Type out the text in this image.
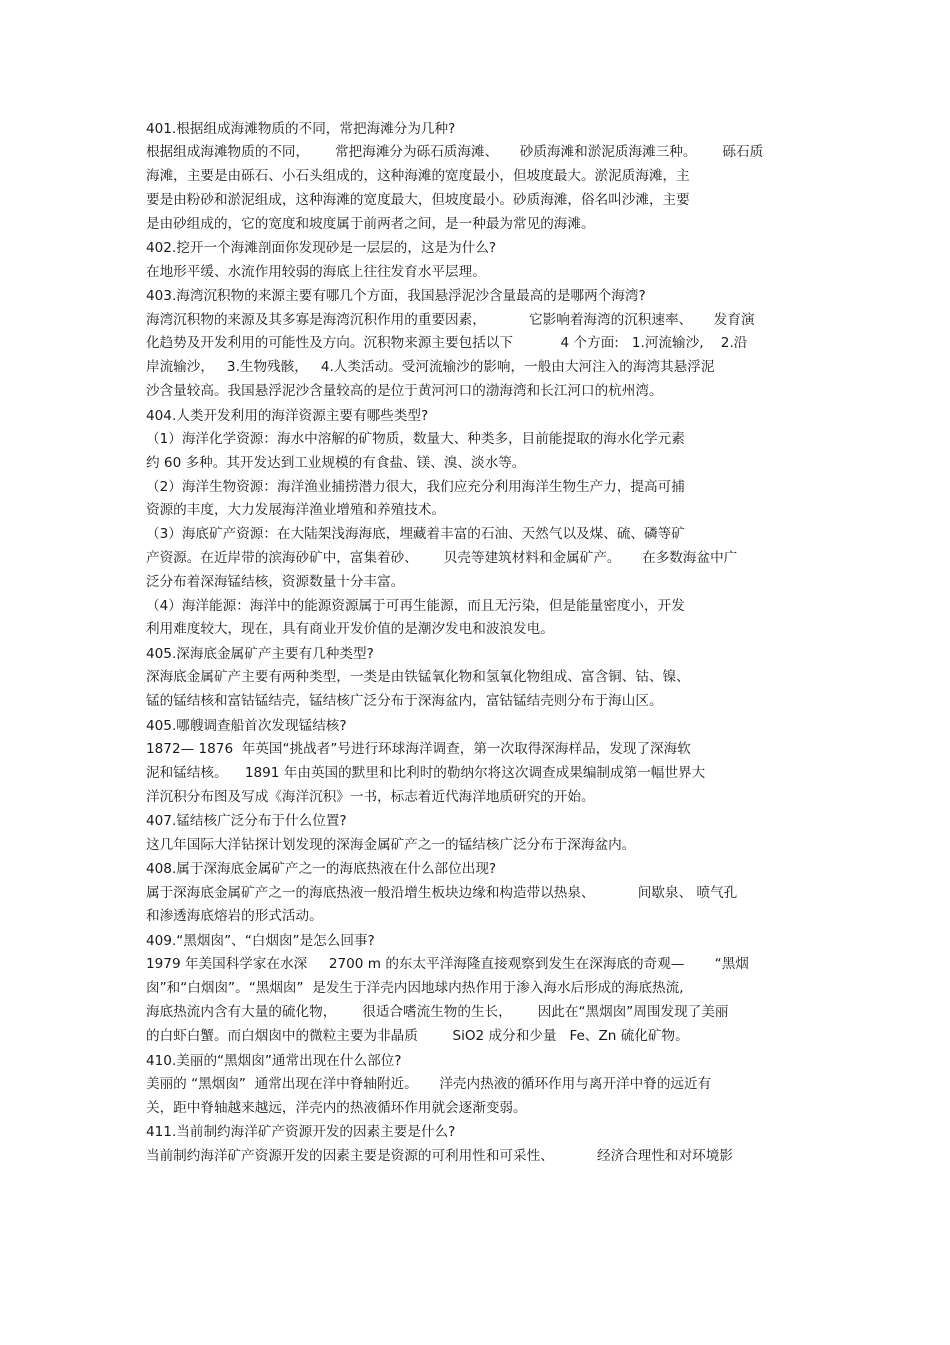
401.根据组成海滩物质的不同，常把海滩分为几种?
根据组成海滩物质的不同，      常把海滩分为砾石质海滩、     砂质海滩和淤泥质海滩三种。      砾石质
海滩，主要是由砾石、小石头组成的，这种海滩的宽度最小，但坡度最大。淤泥质海滩，主
要是由粉砂和淤泥组成，这种海滩的宽度最大，但坡度最小。砂质海滩，俗名叫沙滩，主要
是由砂组成的，它的宽度和坡度属于前两者之间，是一种最为常见的海滩。
402.挖开一个海滩剖面你发现砂是一层层的，这是为什么?
在地形平缓、水流作用较弱的海底上往往发育水平层理。
403.海湾沉积物的来源主要有哪几个方面，我国悬浮泥沙含量最高的是哪两个海湾?
海湾沉积物的来源及其多寡是海湾沉积作用的重要因素，          它影响着海湾的沉积速率、     发育演
化趋势及开发利用的可能性及方向。沉积物来源主要包括以下           4 个方面:   1.河流输沙,    2.沿
岸流输沙，   3.生物残骸，   4.人类活动。受河流输沙的影响，一般由大河注入的海湾其悬浮泥
沙含量较高。我国悬浮泥沙含量较高的是位于黄河河口的渤海湾和长江河口的杭州湾。
404.人类开发利用的海洋资源主要有哪些类型?
（1）海洋化学资源：海水中溶解的矿物质，数量大、种类多，目前能提取的海水化学元素
约 60 多种。其开发达到工业规模的有食盐、镁、溴、淡水等。
（2）海洋生物资源：海洋渔业捕捞潜力很大，我们应充分利用海洋生物生产力，提高可捕
资源的丰度，大力发展海洋渔业增殖和养殖技术。
（3）海底矿产资源：在大陆架浅海海底，埋藏着丰富的石油、天然气以及煤、硫、磷等矿
产资源。在近岸带的滨海砂矿中，富集着砂、      贝壳等建筑材料和金属矿产。     在多数海盆中广
泛分布着深海锰结核，资源数量十分丰富。
（4）海洋能源：海洋中的能源资源属于可再生能源，而且无污染，但是能量密度小，开发
利用难度较大，现在，具有商业开发价值的是潮汐发电和波浪发电。
405.深海底金属矿产主要有几种类型?
深海底金属矿产主要有两种类型，一类是由铁锰氧化物和氢氧化物组成、富含铜、钴、镍、
锰的锰结核和富钴锰结壳，锰结核广泛分布于深海盆内，富钴锰结壳则分布于海山区。
405.哪艘调查船首次发现锰结核?
1872— 1876  年英国“挑战者”号进行环球海洋调查，第一次取得深海样品，发现了深海软
泥和锰结核。    1891 年由英国的默里和比利时的勒纳尔将这次调查成果编制成第一幅世界大
洋沉积分布图及写成《海洋沉积》一书，标志着近代海洋地质研究的开始。
407.锰结核广泛分布于什么位置?
这几年国际大洋钻探计划发现的深海金属矿产之一的锰结核广泛分布于深海盆内。
408.属于深海底金属矿产之一的海底热液在什么部位出现?
属于深海底金属矿产之一的海底热液一般沿增生板块边缘和构造带以热泉、          间歇泉、 喷气孔
和渗透海底熔岩的形式活动。
409.“黑烟囱”、“白烟囱”是怎么回事?
1979 年美国科学家在水深     2700 m 的东太平洋海隆直接观察到发生在深海底的奇观—       “黑烟
囱”和“白烟囱”。“黑烟囱”  是发生于洋壳内因地球内热作用于渗入海水后形成的海底热流,
海底热流内含有大量的硫化物，      很适合嗜流生物的生长，      因此在“黑烟囱”周围发现了美丽
的白虾白蟹。而白烟囱中的微粒主要为非晶质        SiO2 成分和少量   Fe、Zn 硫化矿物。
410.美丽的“黑烟囱”通常出现在什么部位?
美丽的 “黑烟囱”  通常出现在洋中脊轴附近。     洋壳内热液的循环作用与离开洋中脊的远近有
关，距中脊轴越来越远，洋壳内的热液循环作用就会逐渐变弱。
411.当前制约海洋矿产资源开发的因素主要是什么?
当前制约海洋矿产资源开发的因素主要是资源的可利用性和可采性、          经济合理性和对环境影
